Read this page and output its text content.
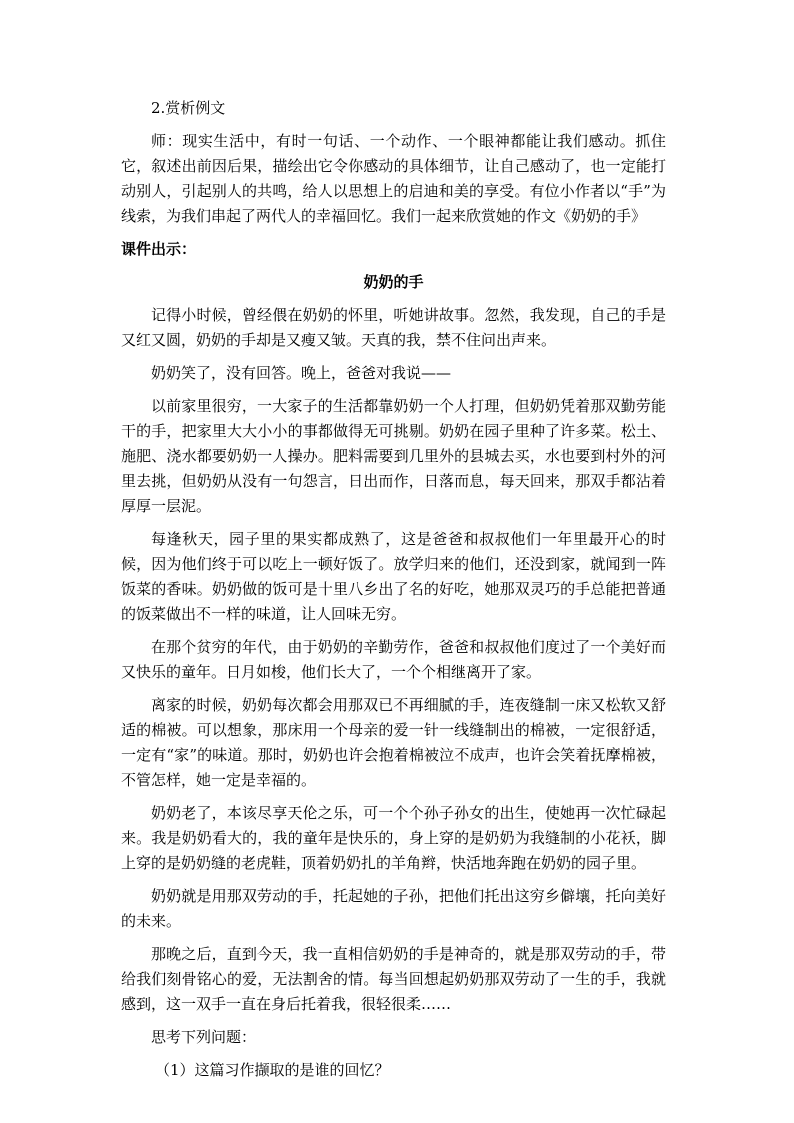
2.赏析例文

师：现实生活中，有时一句话、一个动作、一个眼神都能让我们感动。抓住它，叙述出前因后果，描绘出它令你感动的具体细节，让自己感动了，也一定能打动别人，引起别人的共鸣，给人以思想上的启迪和美的享受。有位小作者以“手”为线索，为我们串起了两代人的幸福回忆。我们一起来欣赏她的作文《奶奶的手》

课件出示：

奶奶的手

记得小时候，曾经偎在奶奶的怀里，听她讲故事。忽然，我发现，自己的手是又红又圆，奶奶的手却是又瘦又皱。天真的我，禁不住问出声来。

奶奶笑了，没有回答。晚上，爸爸对我说——

以前家里很穷，一大家子的生活都靠奶奶一个人打理，但奶奶凭着那双勤劳能干的手，把家里大大小小的事都做得无可挑剔。奶奶在园子里种了许多菜。松土、施肥、浇水都要奶奶一人操办。肥料需要到几里外的县城去买，水也要到村外的河里去挑，但奶奶从没有一句怨言，日出而作，日落而息，每天回来，那双手都沾着厚厚一层泥。

每逢秋天，园子里的果实都成熟了，这是爸爸和叔叔他们一年里最开心的时候，因为他们终于可以吃上一顿好饭了。放学归来的他们，还没到家，就闻到一阵饭菜的香味。奶奶做的饭可是十里八乡出了名的好吃，她那双灵巧的手总能把普通的饭菜做出不一样的味道，让人回味无穷。

在那个贫穷的年代，由于奶奶的辛勤劳作，爸爸和叔叔他们度过了一个美好而又快乐的童年。日月如梭，他们长大了，一个个相继离开了家。

离家的时候，奶奶每次都会用那双已不再细腻的手，连夜缝制一床又松软又舒适的棉被。可以想象，那床用一个母亲的爱一针一线缝制出的棉被，一定很舒适，一定有“家”的味道。那时，奶奶也许会抱着棉被泣不成声，也许会笑着抚摩棉被，不管怎样，她一定是幸福的。

奶奶老了，本该尽享天伦之乐，可一个个孙子孙女的出生，使她再一次忙碌起来。我是奶奶看大的，我的童年是快乐的，身上穿的是奶奶为我缝制的小花袄，脚上穿的是奶奶缝的老虎鞋，顶着奶奶扎的羊角辫，快活地奔跑在奶奶的园子里。

奶奶就是用那双劳动的手，托起她的子孙，把他们托出这穷乡僻壤，托向美好的未来。

那晚之后，直到今天，我一直相信奶奶的手是神奇的，就是那双劳动的手，带给我们刻骨铭心的爱，无法割舍的情。每当回想起奶奶那双劳动了一生的手，我就感到，这一双手一直在身后托着我，很轻很柔……

思考下列问题：

（1）这篇习作撷取的是谁的回忆？
